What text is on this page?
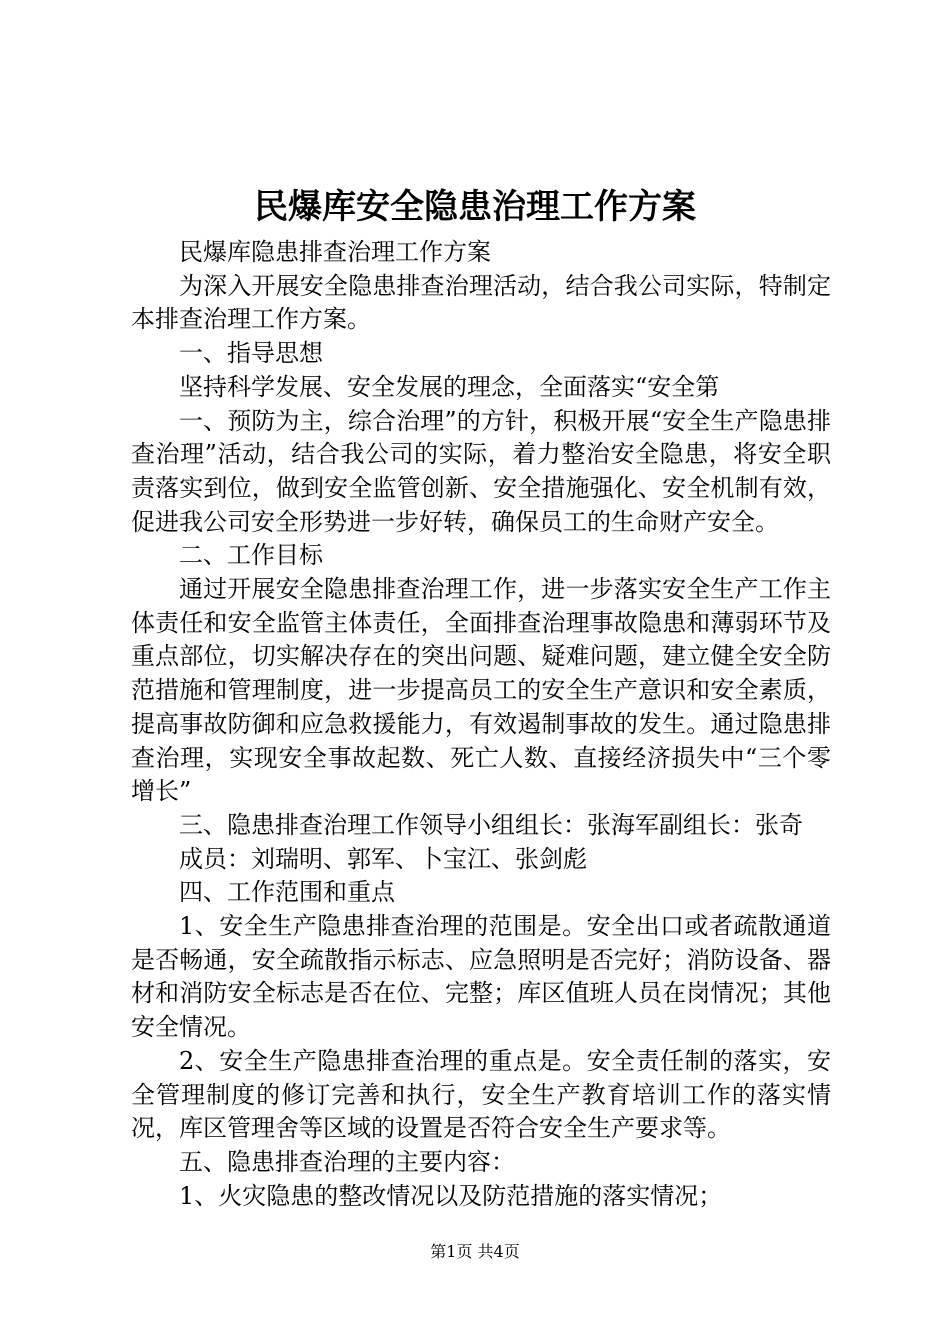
民爆库安全隐患治理工作方案

民爆库隐患排查治理工作方案

为深入开展安全隐患排查治理活动，结合我公司实际，特制定本排查治理工作方案。

一、指导思想

坚持科学发展、安全发展的理念，全面落实“安全第

一、预防为主，综合治理”的方针，积极开展“安全生产隐患排查治理”活动，结合我公司的实际，着力整治安全隐患，将安全职责落实到位，做到安全监管创新、安全措施强化、安全机制有效，促进我公司安全形势进一步好转，确保员工的生命财产安全。

二、工作目标

通过开展安全隐患排查治理工作，进一步落实安全生产工作主体责任和安全监管主体责任，全面排查治理事故隐患和薄弱环节及重点部位，切实解决存在的突出问题、疑难问题，建立健全安全防范措施和管理制度，进一步提高员工的安全生产意识和安全素质，提高事故防御和应急救援能力，有效遏制事故的发生。通过隐患排查治理，实现安全事故起数、死亡人数、直接经济损失中“三个零增长”

三、隐患排查治理工作领导小组组长：张海军副组长：张奇

成员：刘瑞明、郭军、卜宝江、张剑彪

四、工作范围和重点

1、安全生产隐患排查治理的范围是。安全出口或者疏散通道是否畅通，安全疏散指示标志、应急照明是否完好；消防设备、器材和消防安全标志是否在位、完整；库区值班人员在岗情况；其他安全情况。

2、安全生产隐患排查治理的重点是。安全责任制的落实，安全管理制度的修订完善和执行，安全生产教育培训工作的落实情况，库区管理舍等区域的设置是否符合安全生产要求等。

五、隐患排查治理的主要内容：

1、火灾隐患的整改情况以及防范措施的落实情况；

第1页 共4页
